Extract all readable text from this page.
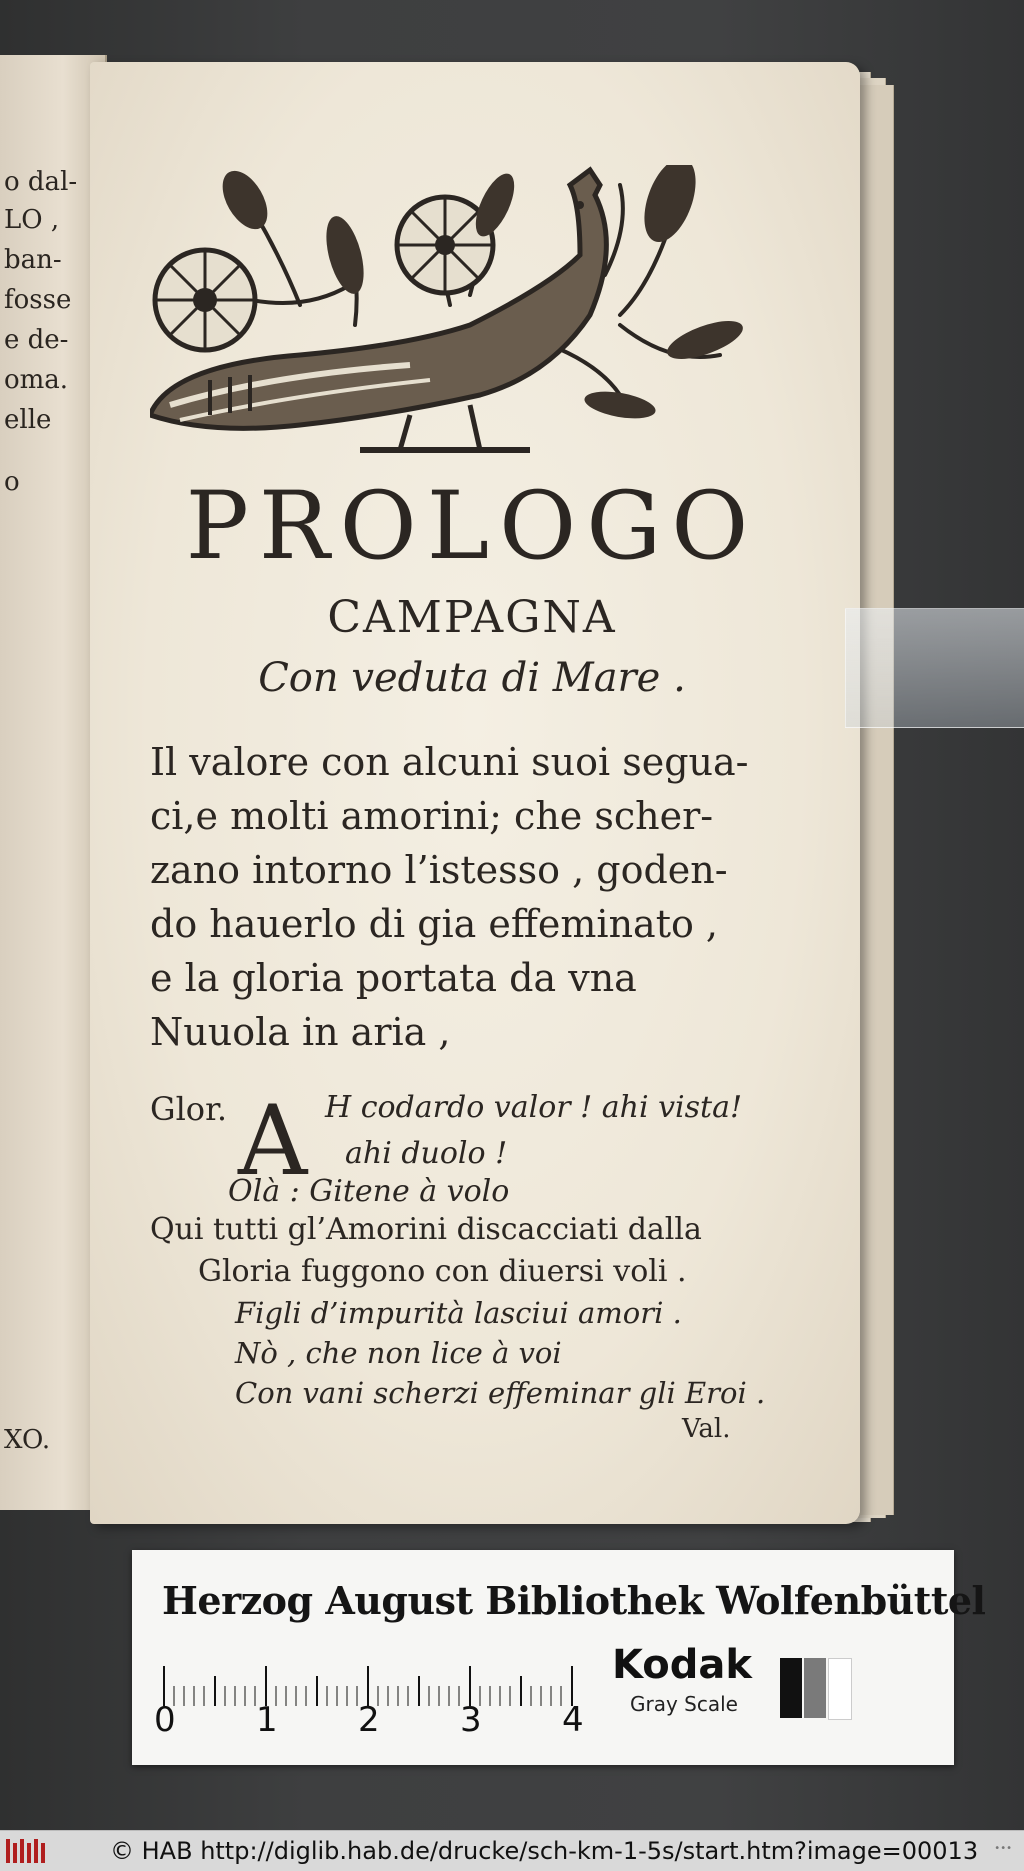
o dal-
LO ,
ban-
fosse
e de-
oma.
elle
o
XO.
PROLOGO
CAMPAGNA
Con veduta di Mare .
Il valore con alcuni suoi segua-
ci,e molti amorini; che scher-
zano intorno l’istesso , goden-
do hauerlo di gia effeminato ,
e la gloria portata da vna
Nuuola in aria ,
Glor. A H codardo valor ! ahi vista!
ahi duolo !
Olà : Gitene à volo
Qui tutti gl’Amorini discacciati dalla
Gloria fuggono con diuersi voli .
Figli d’impurità lasciui amori .
Nò , che non lice à voi
Con vani scherzi effeminar gli Eroi .
Val.
Herzog August Bibliothek Wolfenbüttel
0 1 2 3 4
Kodak
Gray Scale
© HAB http://diglib.hab.de/drucke/sch-km-1-5s/start.htm?image=00013 •••
